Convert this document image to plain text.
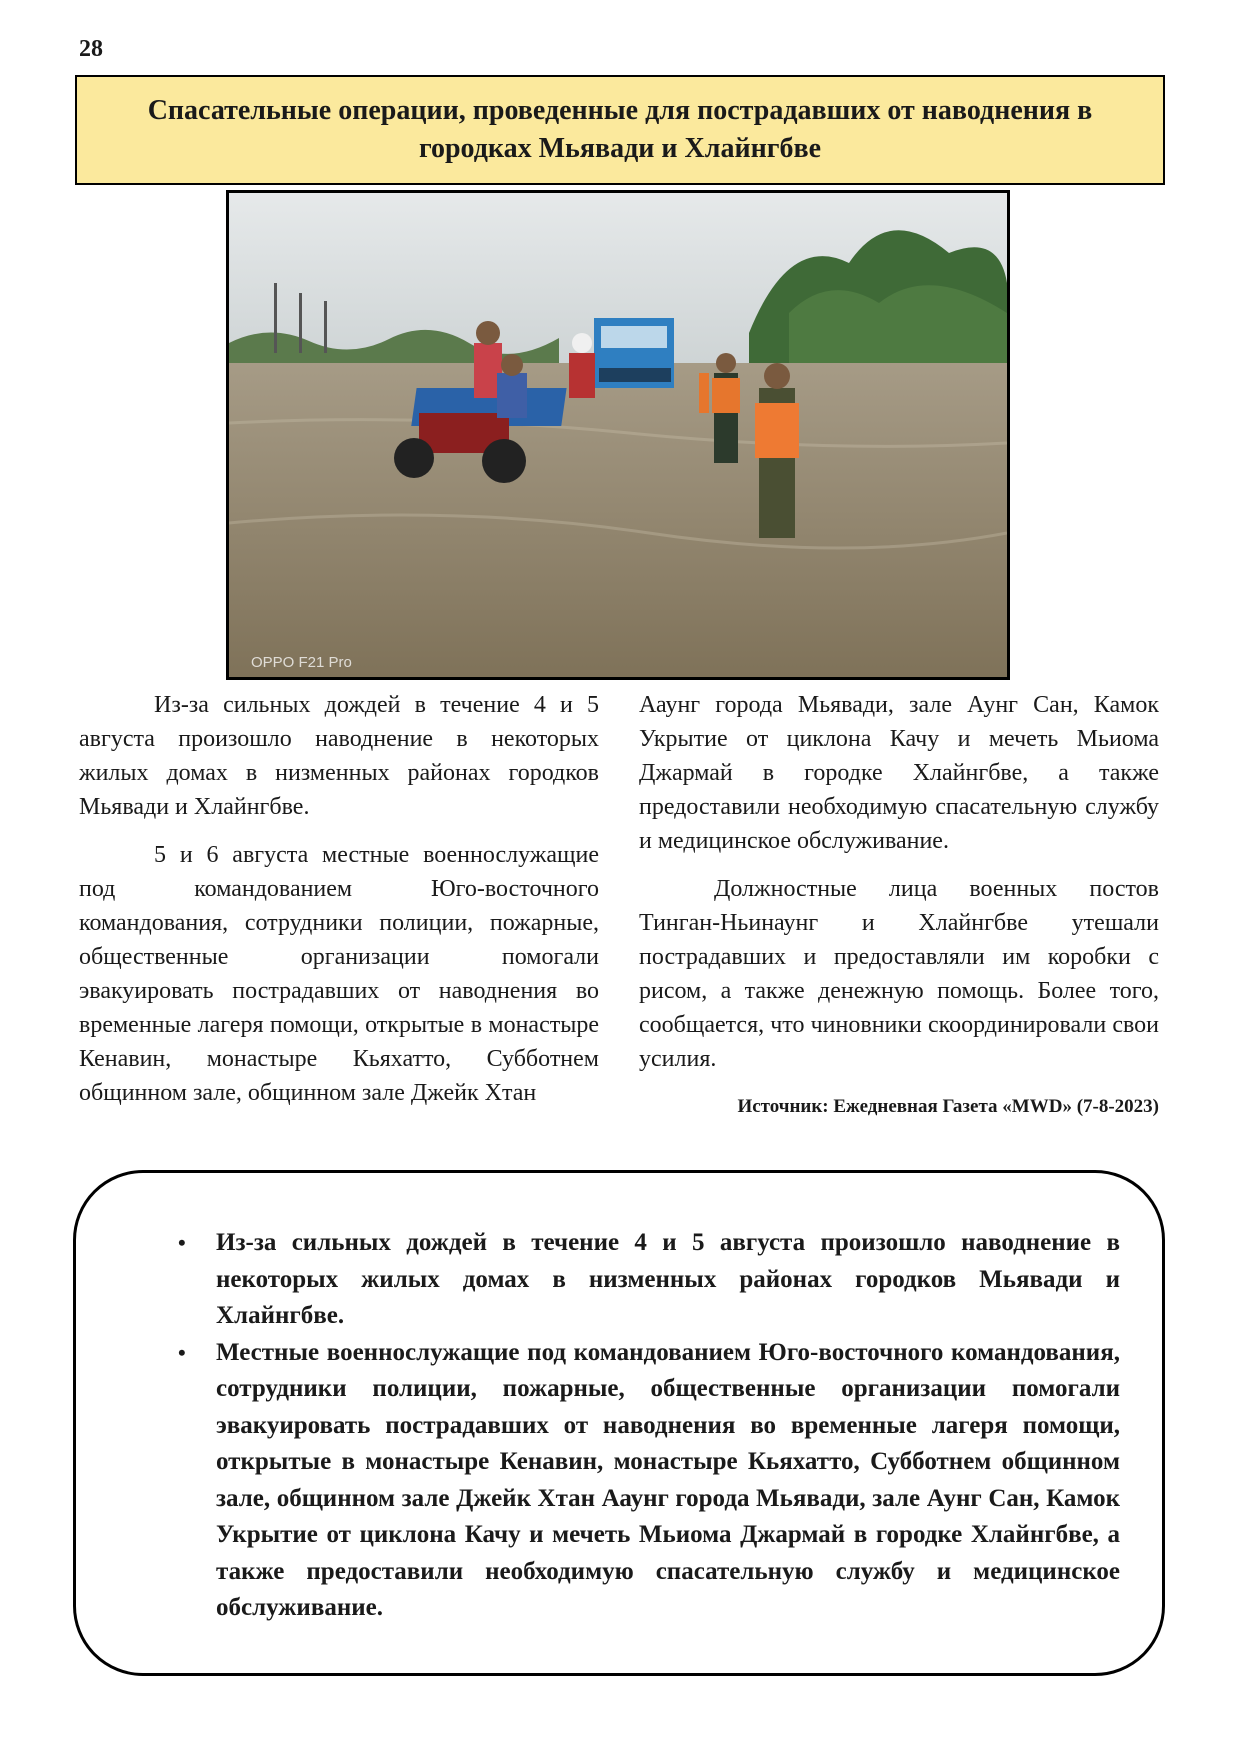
28
Спасательные операции, проведенные для пострадавших от наводнения в
городках Мьявади и Хлайнгбве
OPPO F21 Pro

Из-за сильных дождей в течение 4 и 5 августа произошло наводнение в некоторых жилых домах в низменных районах городков Мьявади и Хлайнгбве.

5 и 6 августа местные военнослужащие под командованием Юго-восточного командования, сотрудники полиции, пожарные, общественные организации помогали эвакуировать пострадавших от наводнения во временные лагеря помощи, открытые в монастыре Кенавин, монастыре Кьяхатто, Субботнем общинном зале, общинном зале Джейк Хтан

Ааунг города Мьявади, зале Аунг Сан, Камок Укрытие от циклона Качу и мечеть Мьиома Джармай в городке Хлайнгбве, а также предоставили необходимую спасательную службу и медицинское обслуживание.

Должностные лица военных постов Тинган-Ньинаунг и Хлайнгбве утешали пострадавших и предоставляли им коробки с рисом, а также денежную помощь. Более того, сообщается, что чиновники скоординировали свои усилия.

Источник: Ежедневная Газета «MWD» (7-8-2023)
• Из-за сильных дождей в течение 4 и 5 августа произошло наводнение в некоторых жилых домах в низменных районах городков Мьявади и Хлайнгбве.
• Местные военнослужащие под командованием Юго-восточного командования, сотрудники полиции, пожарные, общественные организации помогали эвакуировать пострадавших от наводнения во временные лагеря помощи, открытые в монастыре Кенавин, монастыре Кьяхатто, Субботнем общинном зале, общинном зале Джейк Хтан Ааунг города Мьявади, зале Аунг Сан, Камок Укрытие от циклона Качу и мечеть Мьиома Джармай в городке Хлайнгбве, а также предоставили необходимую спасательную службу и медицинское обслуживание.
